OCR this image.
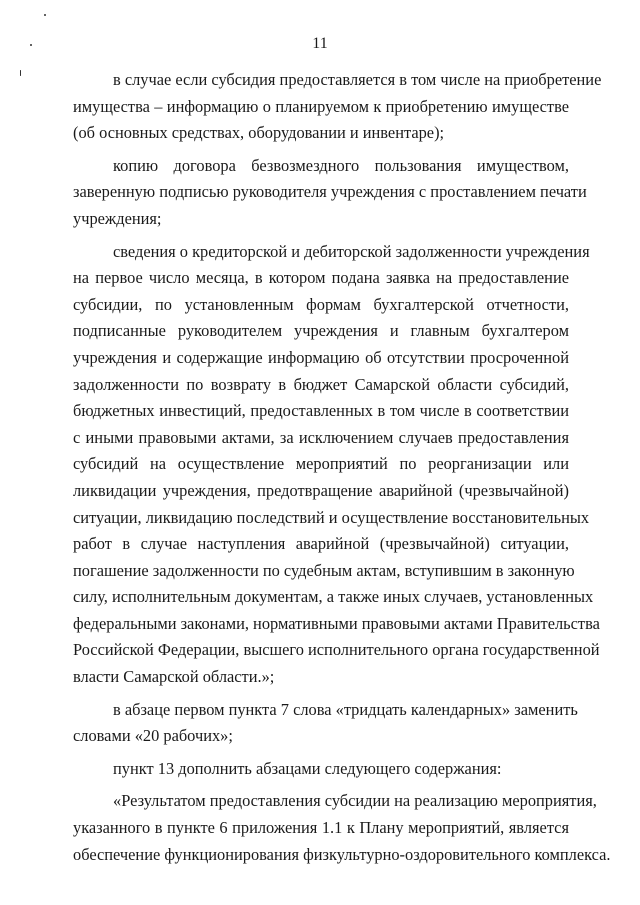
11
в случае если субсидия предоставляется в том числе на приобретение
имущества – информацию о планируемом к приобретению имуществе
(об основных средствах, оборудовании и инвентаре);
копию договора безвозмездного пользования имуществом,
заверенную подписью руководителя учреждения с проставлением печати
учреждения;
сведения о кредиторской и дебиторской задолженности учреждения
на первое число месяца, в котором подана заявка на предоставление
субсидии, по установленным формам бухгалтерской отчетности,
подписанные руководителем учреждения и главным бухгалтером
учреждения и содержащие информацию об отсутствии просроченной
задолженности по возврату в бюджет Самарской области субсидий,
бюджетных инвестиций, предоставленных в том числе в соответствии
с иными правовыми актами, за исключением случаев предоставления
субсидий на осуществление мероприятий по реорганизации или
ликвидации учреждения, предотвращение аварийной (чрезвычайной)
ситуации, ликвидацию последствий и осуществление восстановительных
работ в случае наступления аварийной (чрезвычайной) ситуации,
погашение задолженности по судебным актам, вступившим в законную
силу, исполнительным документам, а также иных случаев, установленных
федеральными законами, нормативными правовыми актами Правительства
Российской Федерации, высшего исполнительного органа государственной
власти Самарской области.»;
в абзаце первом пункта 7 слова «тридцать календарных» заменить
словами «20 рабочих»;
пункт 13 дополнить абзацами следующего содержания:
«Результатом предоставления субсидии на реализацию мероприятия,
указанного в пункте 6 приложения 1.1 к Плану мероприятий, является
обеспечение функционирования физкультурно-оздоровительного комплекса.
